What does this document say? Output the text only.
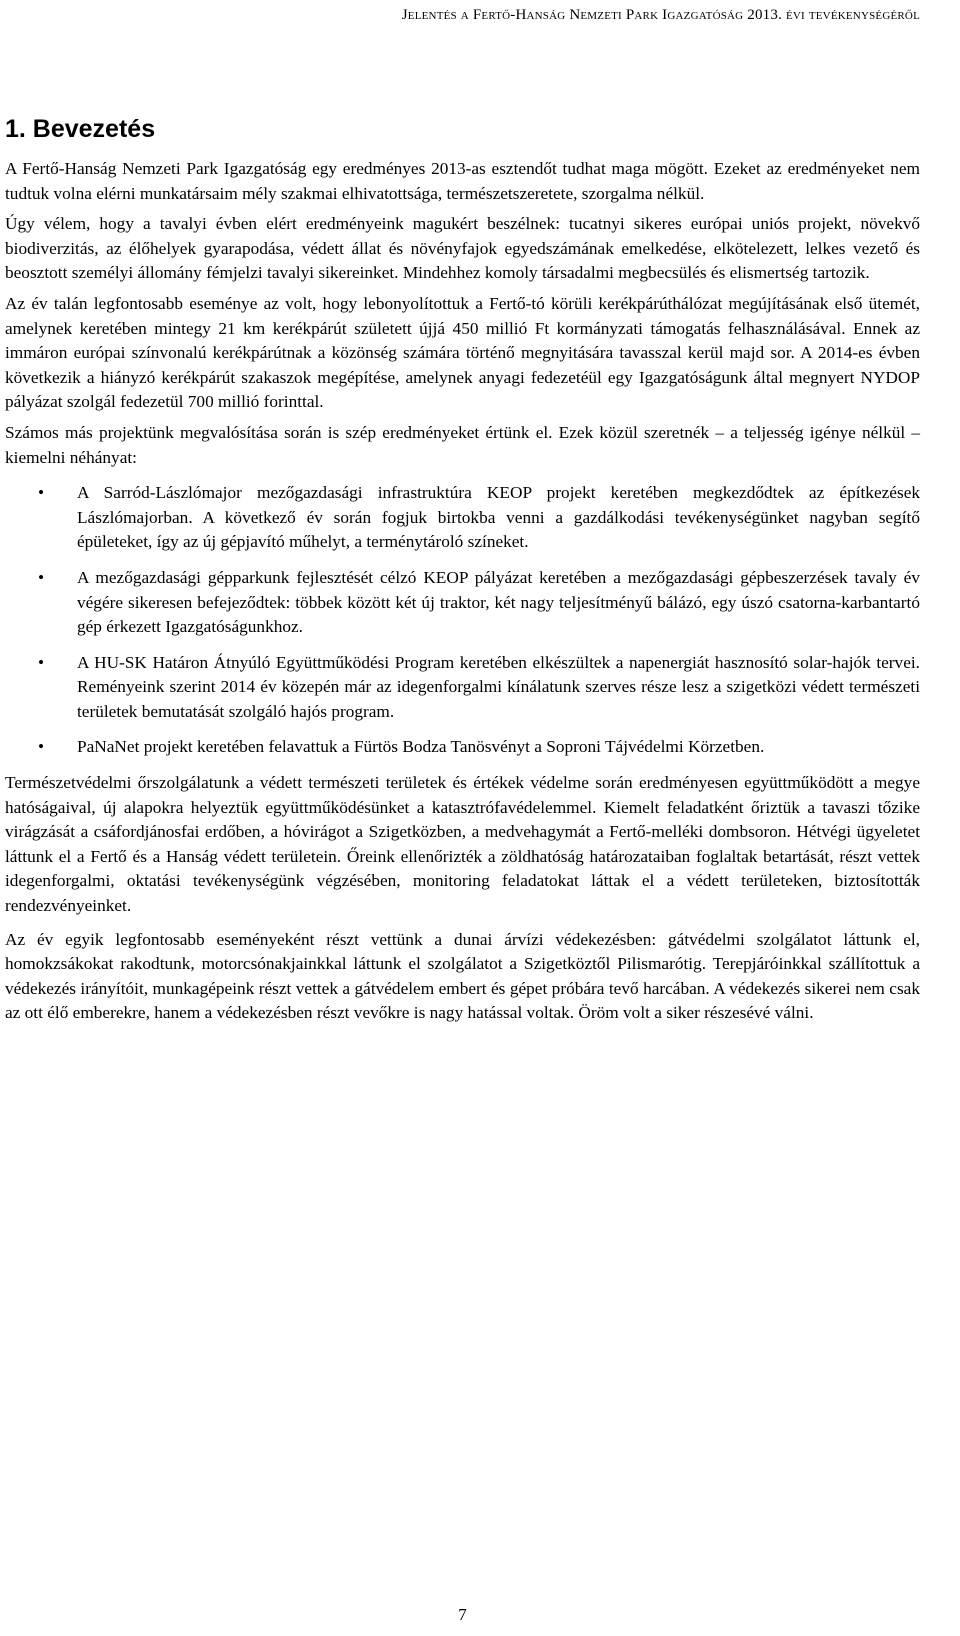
Jelentés a Fertő-Hanság Nemzeti Park Igazgatóság 2013. évi tevékenységéről
1. Bevezetés

A Fertő-Hanság Nemzeti Park Igazgatóság egy eredményes 2013-as esztendőt tudhat maga mögött. Ezeket az eredményeket nem tudtuk volna elérni munkatársaim mély szakmai elhivatottsága, természetszeretete, szorgalma nélkül.

Úgy vélem, hogy a tavalyi évben elért eredményeink magukért beszélnek: tucatnyi sikeres európai uniós projekt, növekvő biodiverzitás, az élőhelyek gyarapodása, védett állat és növényfajok egyedszámának emelkedése, elkötelezett, lelkes vezető és beosztott személyi állomány fémjelzi tavalyi sikereinket. Mindehhez komoly társadalmi megbecsülés és elismertség tartozik.

Az év talán legfontosabb eseménye az volt, hogy lebonyolítottuk a Fertő-tó körüli kerékpárúthálózat megújításának első ütemét, amelynek keretében mintegy 21 km kerékpárút született újjá 450 millió Ft kormányzati támogatás felhasználásával. Ennek az immáron európai színvonalú kerékpárútnak a közönség számára történő megnyitására tavasszal kerül majd sor. A 2014-es évben következik a hiányzó kerékpárút szakaszok megépítése, amelynek anyagi fedezetéül egy Igazgatóságunk által megnyert NYDOP pályázat szolgál fedezetül 700 millió forinttal.

Számos más projektünk megvalósítása során is szép eredményeket értünk el. Ezek közül szeretnék – a teljesség igénye nélkül – kiemelni néhányat:

• A Sarród-Lászlómajor mezőgazdasági infrastruktúra KEOP projekt keretében megkezdődtek az építkezések Lászlómajorban. A következő év során fogjuk birtokba venni a gazdálkodási tevékenységünket nagyban segítő épületeket, így az új gépjavító műhelyt, a terménytároló színeket.
• A mezőgazdasági gépparkunk fejlesztését célzó KEOP pályázat keretében a mezőgazdasági gépbeszerzések tavaly év végére sikeresen befejeződtek: többek között két új traktor, két nagy teljesítményű bálázó, egy úszó csatorna-karbantartó gép érkezett Igazgatóságunkhoz.
• A HU-SK Határon Átnyúló Együttműködési Program keretében elkészültek a napenergiát hasznosító solar-hajók tervei. Reményeink szerint 2014 év közepén már az idegenforgalmi kínálatunk szerves része lesz a szigetközi védett természeti területek bemutatását szolgáló hajós program.
• PaNaNet projekt keretében felavattuk a Fürtös Bodza Tanösvényt a Soproni Tájvédelmi Körzetben.

Természetvédelmi őrszolgálatunk a védett természeti területek és értékek védelme során eredményesen együttműködött a megye hatóságaival, új alapokra helyeztük együttműködésünket a katasztrófavédelemmel. Kiemelt feladatként őriztük a tavaszi tőzike virágzását a csáfordjánosfai erdőben, a hóvirágot a Szigetközben, a medvehagymát a Fertő-melléki dombsoron. Hétvégi ügyeletet láttunk el a Fertő és a Hanság védett területein. Őreink ellenőrizték a zöldhatóság határozataiban foglaltak betartását, részt vettek idegenforgalmi, oktatási tevékenységünk végzésében, monitoring feladatokat láttak el a védett területeken, biztosították rendezvényeinket.

Az év egyik legfontosabb eseményeként részt vettünk a dunai árvízi védekezésben: gátvédelmi szolgálatot láttunk el, homokzsákokat rakodtunk, motorcsónakjainkkal láttunk el szolgálatot a Szigetköztől Pilismarótig. Terepjáróinkkal szállítottuk a védekezés irányítóit, munkagépeink részt vettek a gátvédelem embert és gépet próbára tevő harcában. A védekezés sikerei nem csak az ott élő emberekre, hanem a védekezésben részt vevőkre is nagy hatással voltak. Öröm volt a siker részesévé válni.

7
